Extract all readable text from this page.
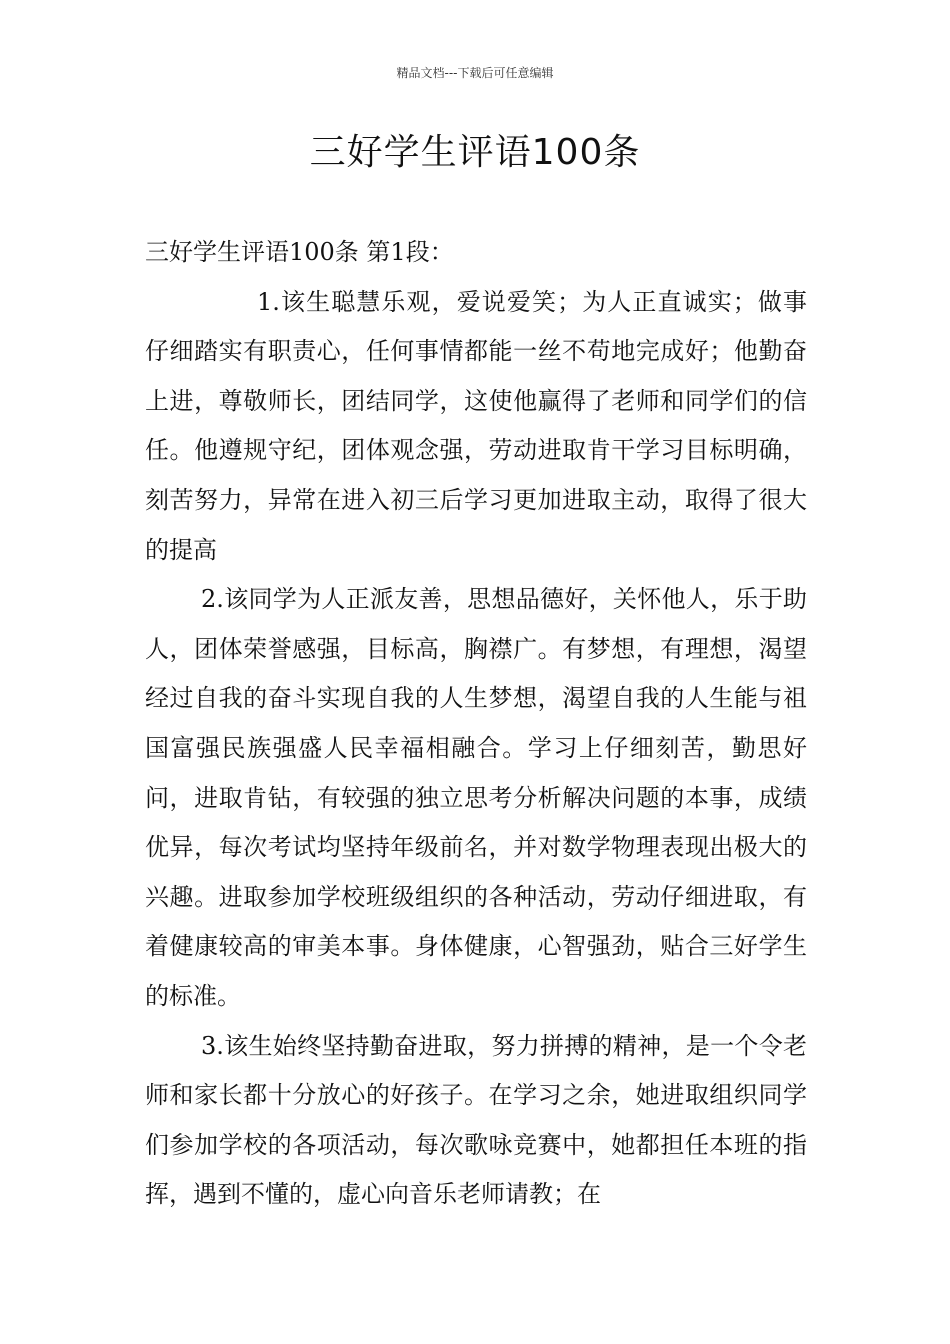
精品文档---下载后可任意编辑
三好学生评语100条

三好学生评语100条 第1段：

1.该生聪慧乐观，爱说爱笑；为人正直诚实；做事仔细踏实有职责心，任何事情都能一丝不苟地完成好；他勤奋上进，尊敬师长，团结同学，这使他赢得了老师和同学们的信任。他遵规守纪，团体观念强，劳动进取肯干学习目标明确，刻苦努力，异常在进入初三后学习更加进取主动，取得了很大的提高

2.该同学为人正派友善，思想品德好，关怀他人，乐于助人，团体荣誉感强，目标高，胸襟广。有梦想，有理想，渴望经过自我的奋斗实现自我的人生梦想，渴望自我的人生能与祖国富强民族强盛人民幸福相融合。学习上仔细刻苦，勤思好问，进取肯钻，有较强的独立思考分析解决问题的本事，成绩优异，每次考试均坚持年级前名，并对数学物理表现出极大的兴趣。进取参加学校班级组织的各种活动，劳动仔细进取，有着健康较高的审美本事。身体健康，心智强劲，贴合三好学生的标准。

3.该生始终坚持勤奋进取，努力拼搏的精神，是一个令老师和家长都十分放心的好孩子。在学习之余，她进取组织同学们参加学校的各项活动，每次歌咏竞赛中，她都担任本班的指挥，遇到不懂的，虚心向音乐老师请教；在
